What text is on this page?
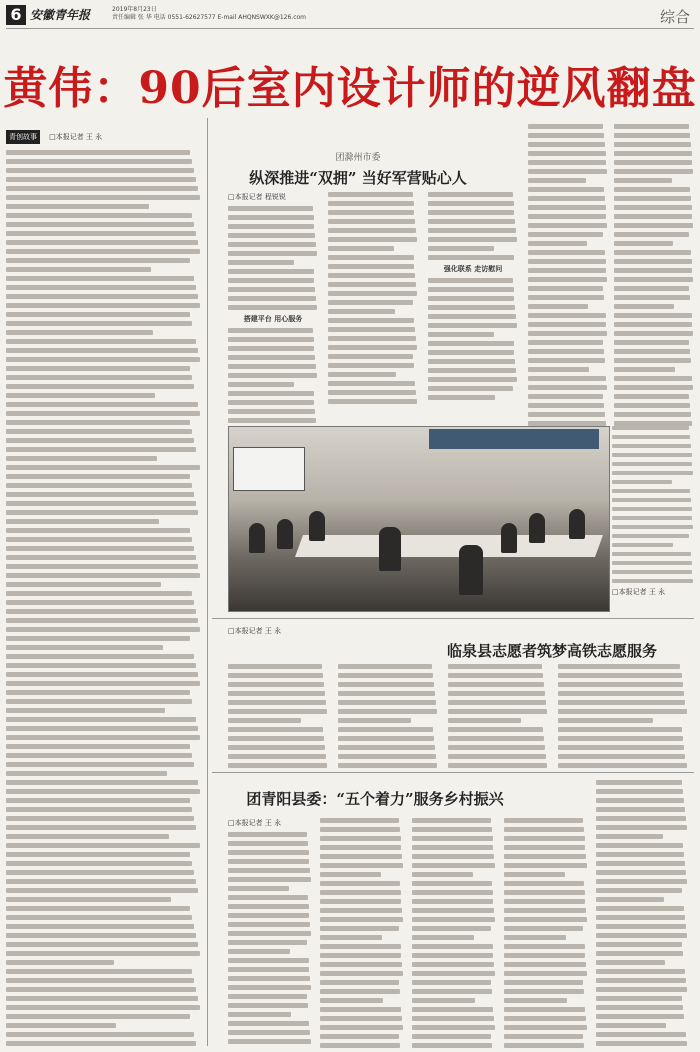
6 安徽青年报	2019年8月23日
责任编辑 张 华 电话 0551-62627577 E-mail AHQNSWXK@126.com	综合
黄伟：90后室内设计师的逆风翻盘
青创故事 □本报记者 王 永
团滁州市委
纵深推进“双拥” 当好军营贴心人
□本报记者 程锐锐
搭建平台 用心服务
强化联系 走访慰问
□本报记者 王 永
□本报记者 王 永
临泉县志愿者筑梦高铁志愿服务
团青阳县委：“五个着力”服务乡村振兴
□本报记者 王 永
